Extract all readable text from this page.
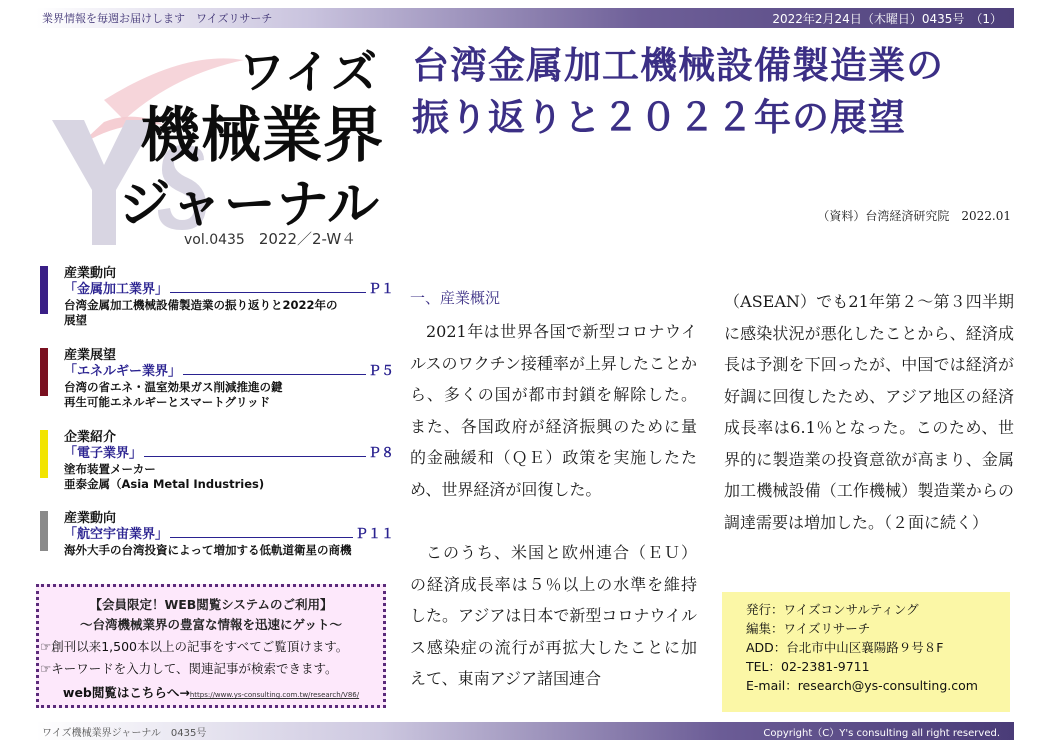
業界情報を毎週お届けします　ワイズリサーチ	2022年2月24日（木曜日）0435号　（1）
ワイズ
機械業界
ジャーナル
vol.0435 2022／2-W４
台湾金属加工機械設備製造業の
振り返りと２０２２年の展望
（資料）台湾経済研究院　2022.01
産業動向
「金属加工業界」	Ｐ１
台湾金属加工機械設備製造業の振り返りと2022年の
展望
産業展望
「エネルギー業界」	Ｐ５
台湾の省エネ・温室効果ガス削減推進の鍵
再生可能エネルギーとスマートグリッド
企業紹介
「電子業界」	Ｐ８
塗布装置メーカー
亜泰金属（Asia Metal Industries)
産業動向
「航空宇宙業界」	Ｐ１１
海外大手の台湾投資によって増加する低軌道衛星の商機
【会員限定！WEB閲覧システムのご利用】
～台湾機械業界の豊富な情報を迅速にゲット～
☞創刊以来1,500本以上の記事をすべてご覧頂けます。
☞キーワードを入力して、関連記事が検索できます。
web閲覧はこちらへ→https://www.ys-consulting.com.tw/research/V86/
一、産業概況

2021年は世界各国で新型コロナウイルスのワクチン接種率が上昇したことから、多くの国が都市封鎖を解除した。また、各国政府が経済振興のために量的金融緩和（ＱＥ）政策を実施したため、世界経済が回復した。

このうち、米国と欧州連合（ＥＵ）の経済成長率は５％以上の水準を維持した。アジアは日本で新型コロナウイルス感染症の流行が再拡大したことに加えて、東南アジア諸国連合

（ASEAN）でも21年第２～第３四半期に感染状況が悪化したことから、経済成長は予測を下回ったが、中国では経済が好調に回復したため、アジア地区の経済成長率は6.1％となった。このため、世界的に製造業の投資意欲が高まり、金属加工機械設備（工作機械）製造業からの調達需要は増加した。（２面に続く）

発行：ワイズコンサルティング
編集：ワイズリサーチ
ADD：台北市中山区襄陽路９号８F
TEL：02-2381-9711
E-mail：research@ys-consulting.com
ワイズ機械業界ジャーナル　0435号	Copyright（C）Y's consulting all right reserved.
